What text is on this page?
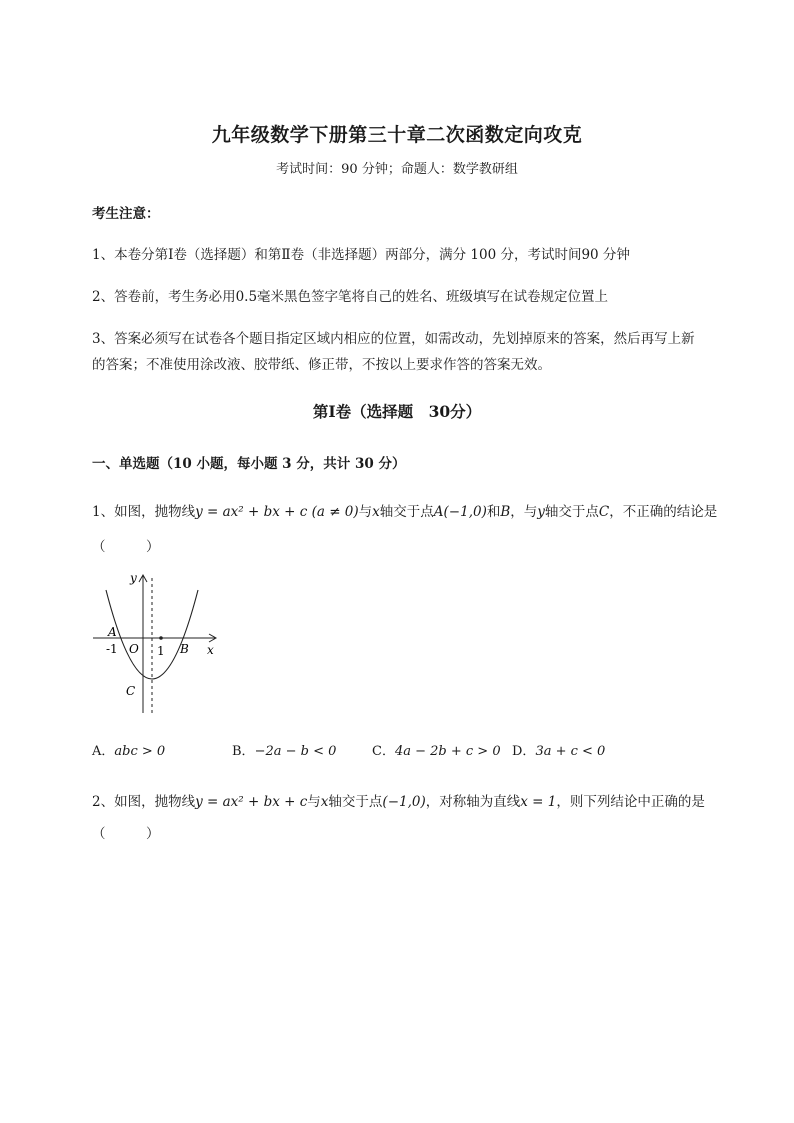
九年级数学下册第三十章二次函数定向攻克
考试时间：90 分钟；命题人：数学教研组
考生注意：
1、本卷分第I卷（选择题）和第Ⅱ卷（非选择题）两部分，满分 100 分，考试时间90 分钟
2、答卷前，考生务必用0.5毫米黑色签字笔将自己的姓名、班级填写在试卷规定位置上
3、答案必须写在试卷各个题目指定区域内相应的位置，如需改动，先划掉原来的答案，然后再写上新
的答案；不准使用涂改液、胶带纸、修正带，不按以上要求作答的答案无效。
第I卷（选择题　30分）
一、单选题（10 小题，每小题 3 分，共计 30 分）
1、如图，抛物线y = ax² + bx + c (a ≠ 0)与x轴交于点A(−1,0)和B，与y轴交于点C，不正确的结论是
（　　　）
y
x
A
-1 O 1 B
C
A．abc > 0	B．−2a − b < 0	C．4a − 2b + c > 0 D．3a + c < 0
2、如图，抛物线y = ax² + bx + c与x轴交于点(−1,0)，对称轴为直线x = 1，则下列结论中正确的是
（　　　）
